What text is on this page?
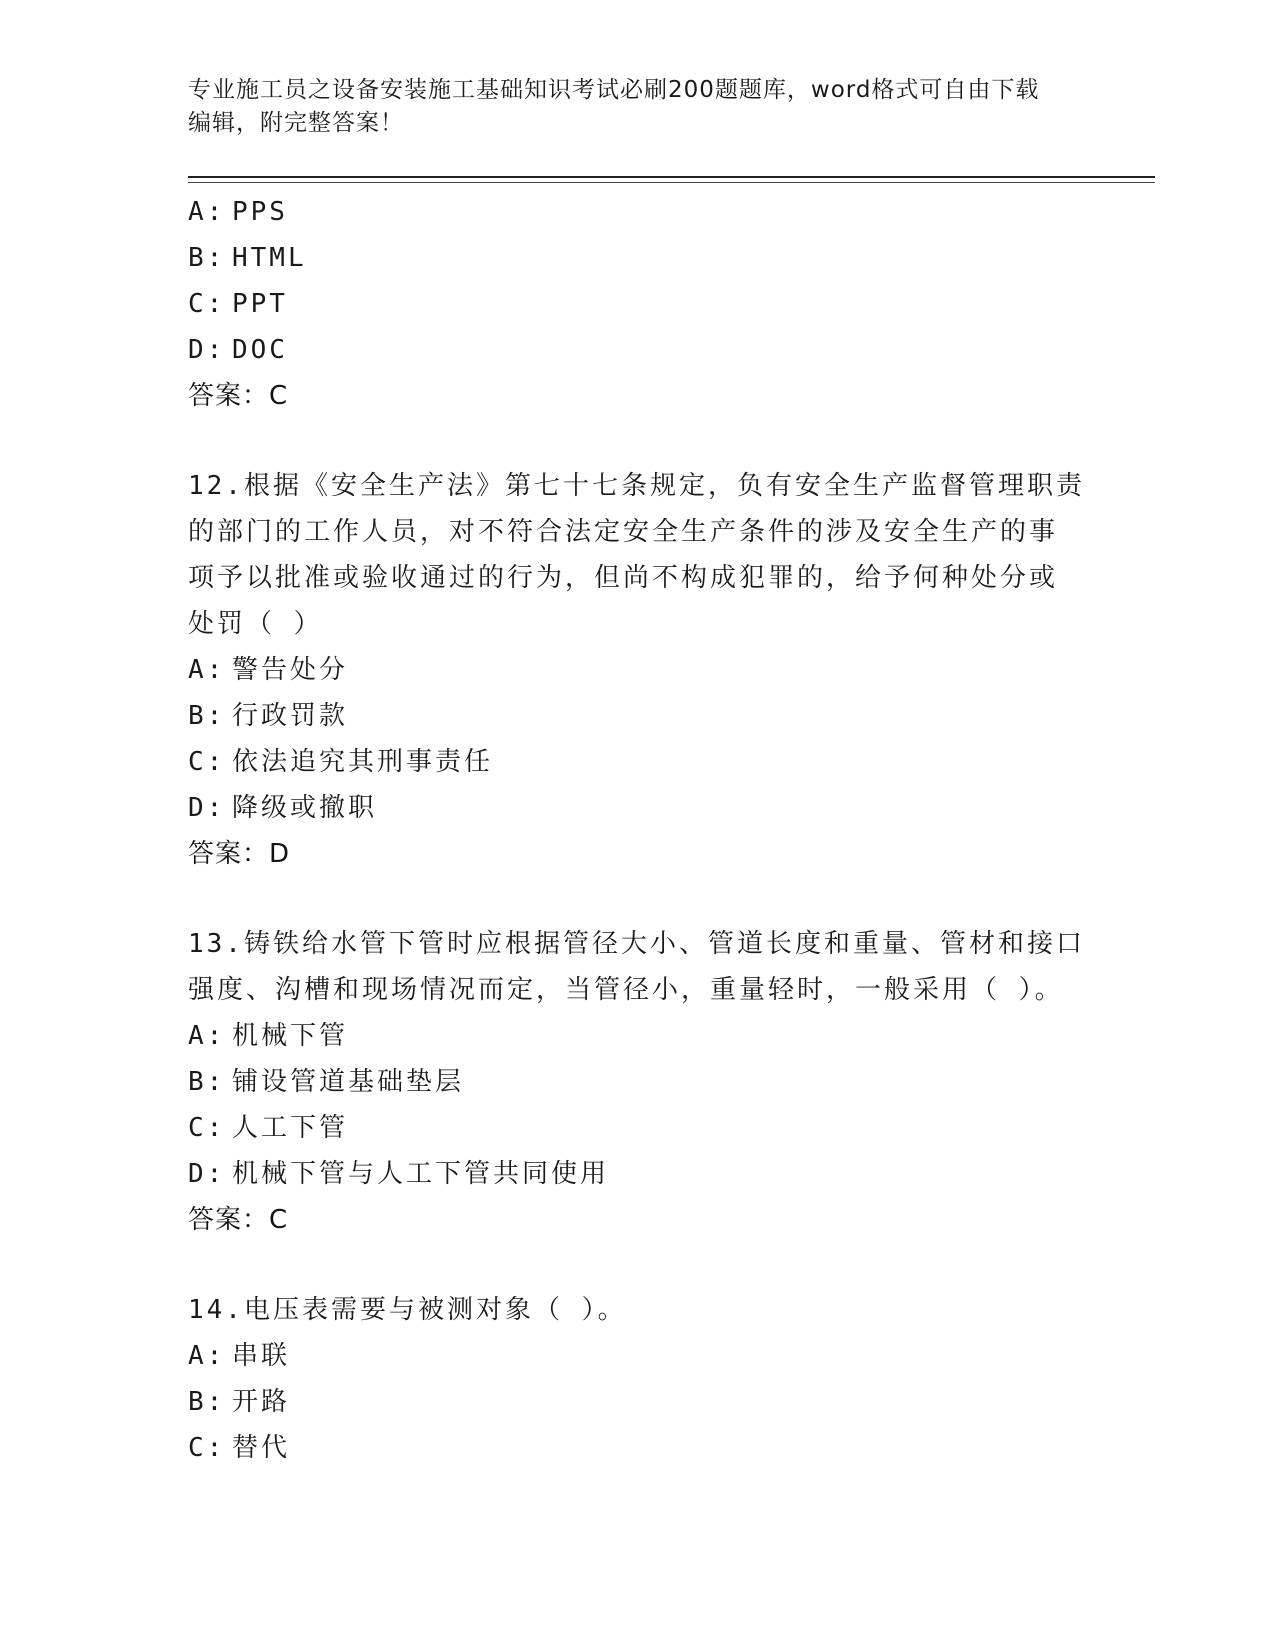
专业施工员之设备安装施工基础知识考试必刷200题题库，word格式可自由下载
编辑，附完整答案！
A: PPS
B: HTML
C: PPT
D: DOC
答案：C
12.根据《安全生产法》第七十七条规定，负有安全生产监督管理职责
的部门的工作人员，对不符合法定安全生产条件的涉及安全生产的事
项予以批准或验收通过的行为，但尚不构成犯罪的，给予何种处分或
处罚（ ）
A: 警告处分
B: 行政罚款
C: 依法追究其刑事责任
D: 降级或撤职
答案：D
13.铸铁给水管下管时应根据管径大小、管道长度和重量、管材和接口
强度、沟槽和现场情况而定，当管径小，重量轻时，一般采用（ ）。
A: 机械下管
B: 铺设管道基础垫层
C: 人工下管
D: 机械下管与人工下管共同使用
答案：C
14.电压表需要与被测对象（ ）。
A: 串联
B: 开路
C: 替代
